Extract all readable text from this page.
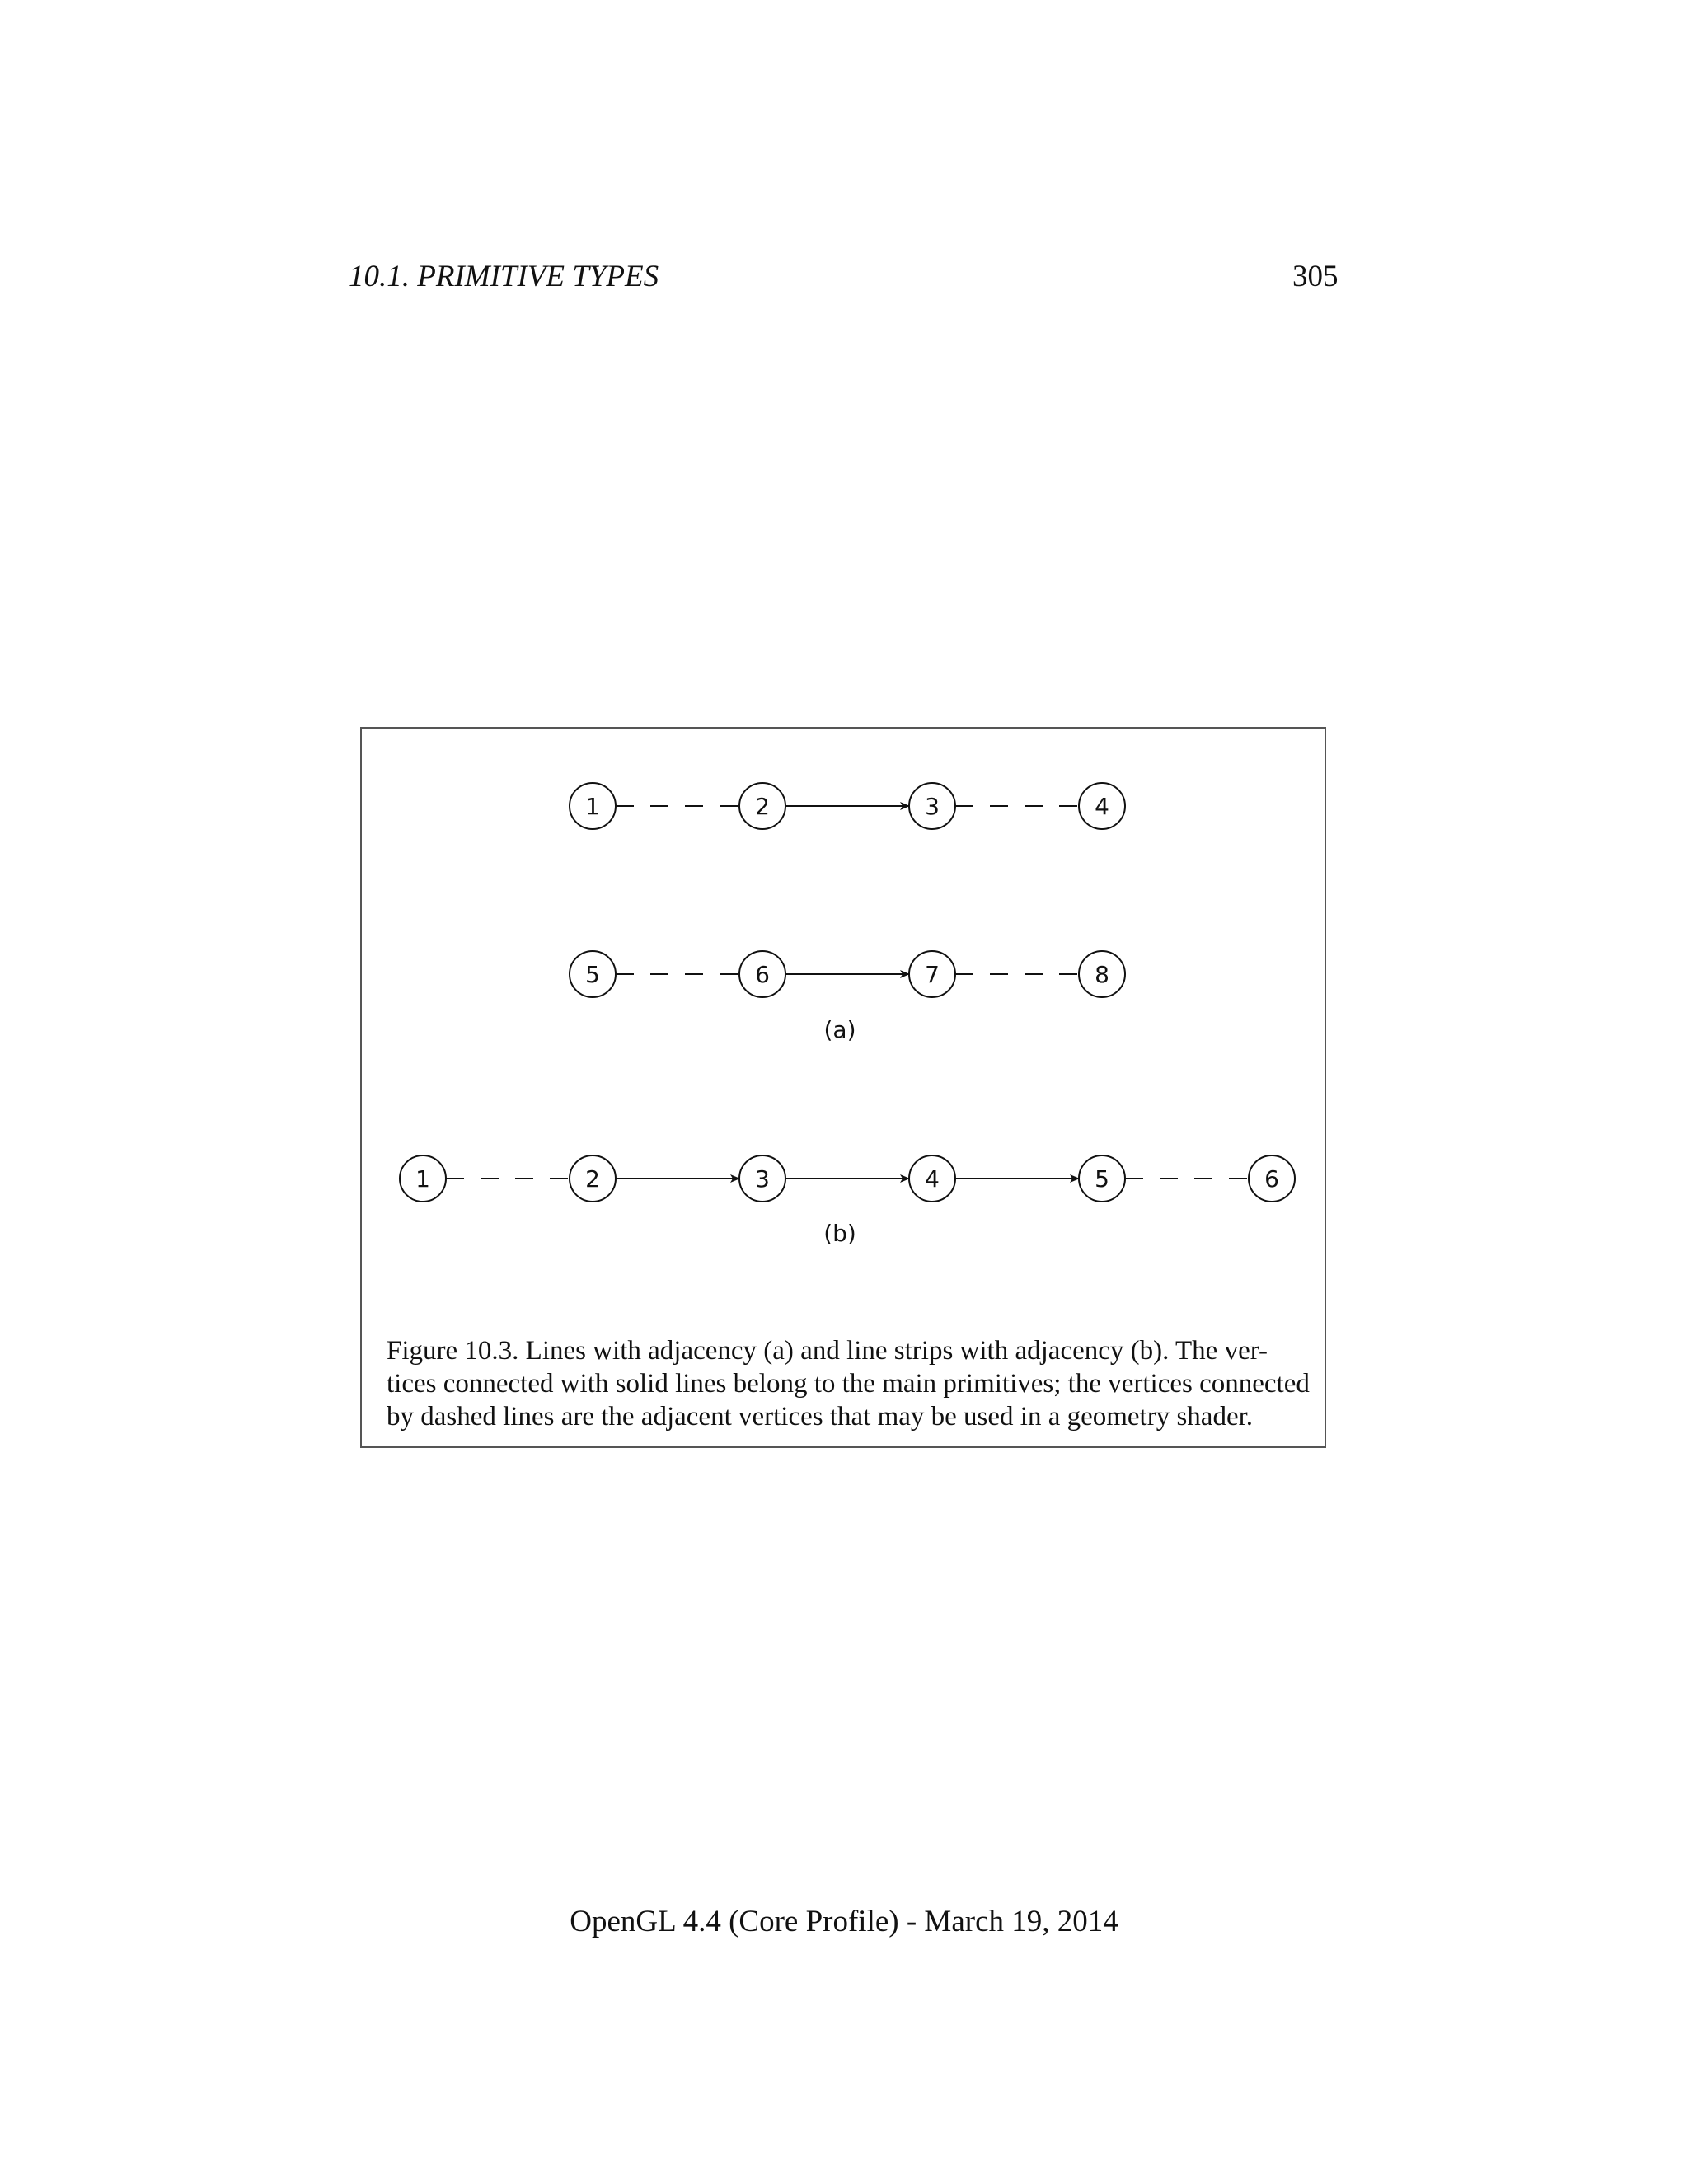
10.1. PRIMITIVE TYPES	305
(a)
(b)
1	2	3	4
5	6	7	8
1	2	3	4	5	6
Figure 10.3. Lines with adjacency (a) and line strips with adjacency (b). The ver-
tices connected with solid lines belong to the main primitives; the vertices connected
by dashed lines are the adjacent vertices that may be used in a geometry shader.
OpenGL 4.4 (Core Profile) - March 19, 2014
